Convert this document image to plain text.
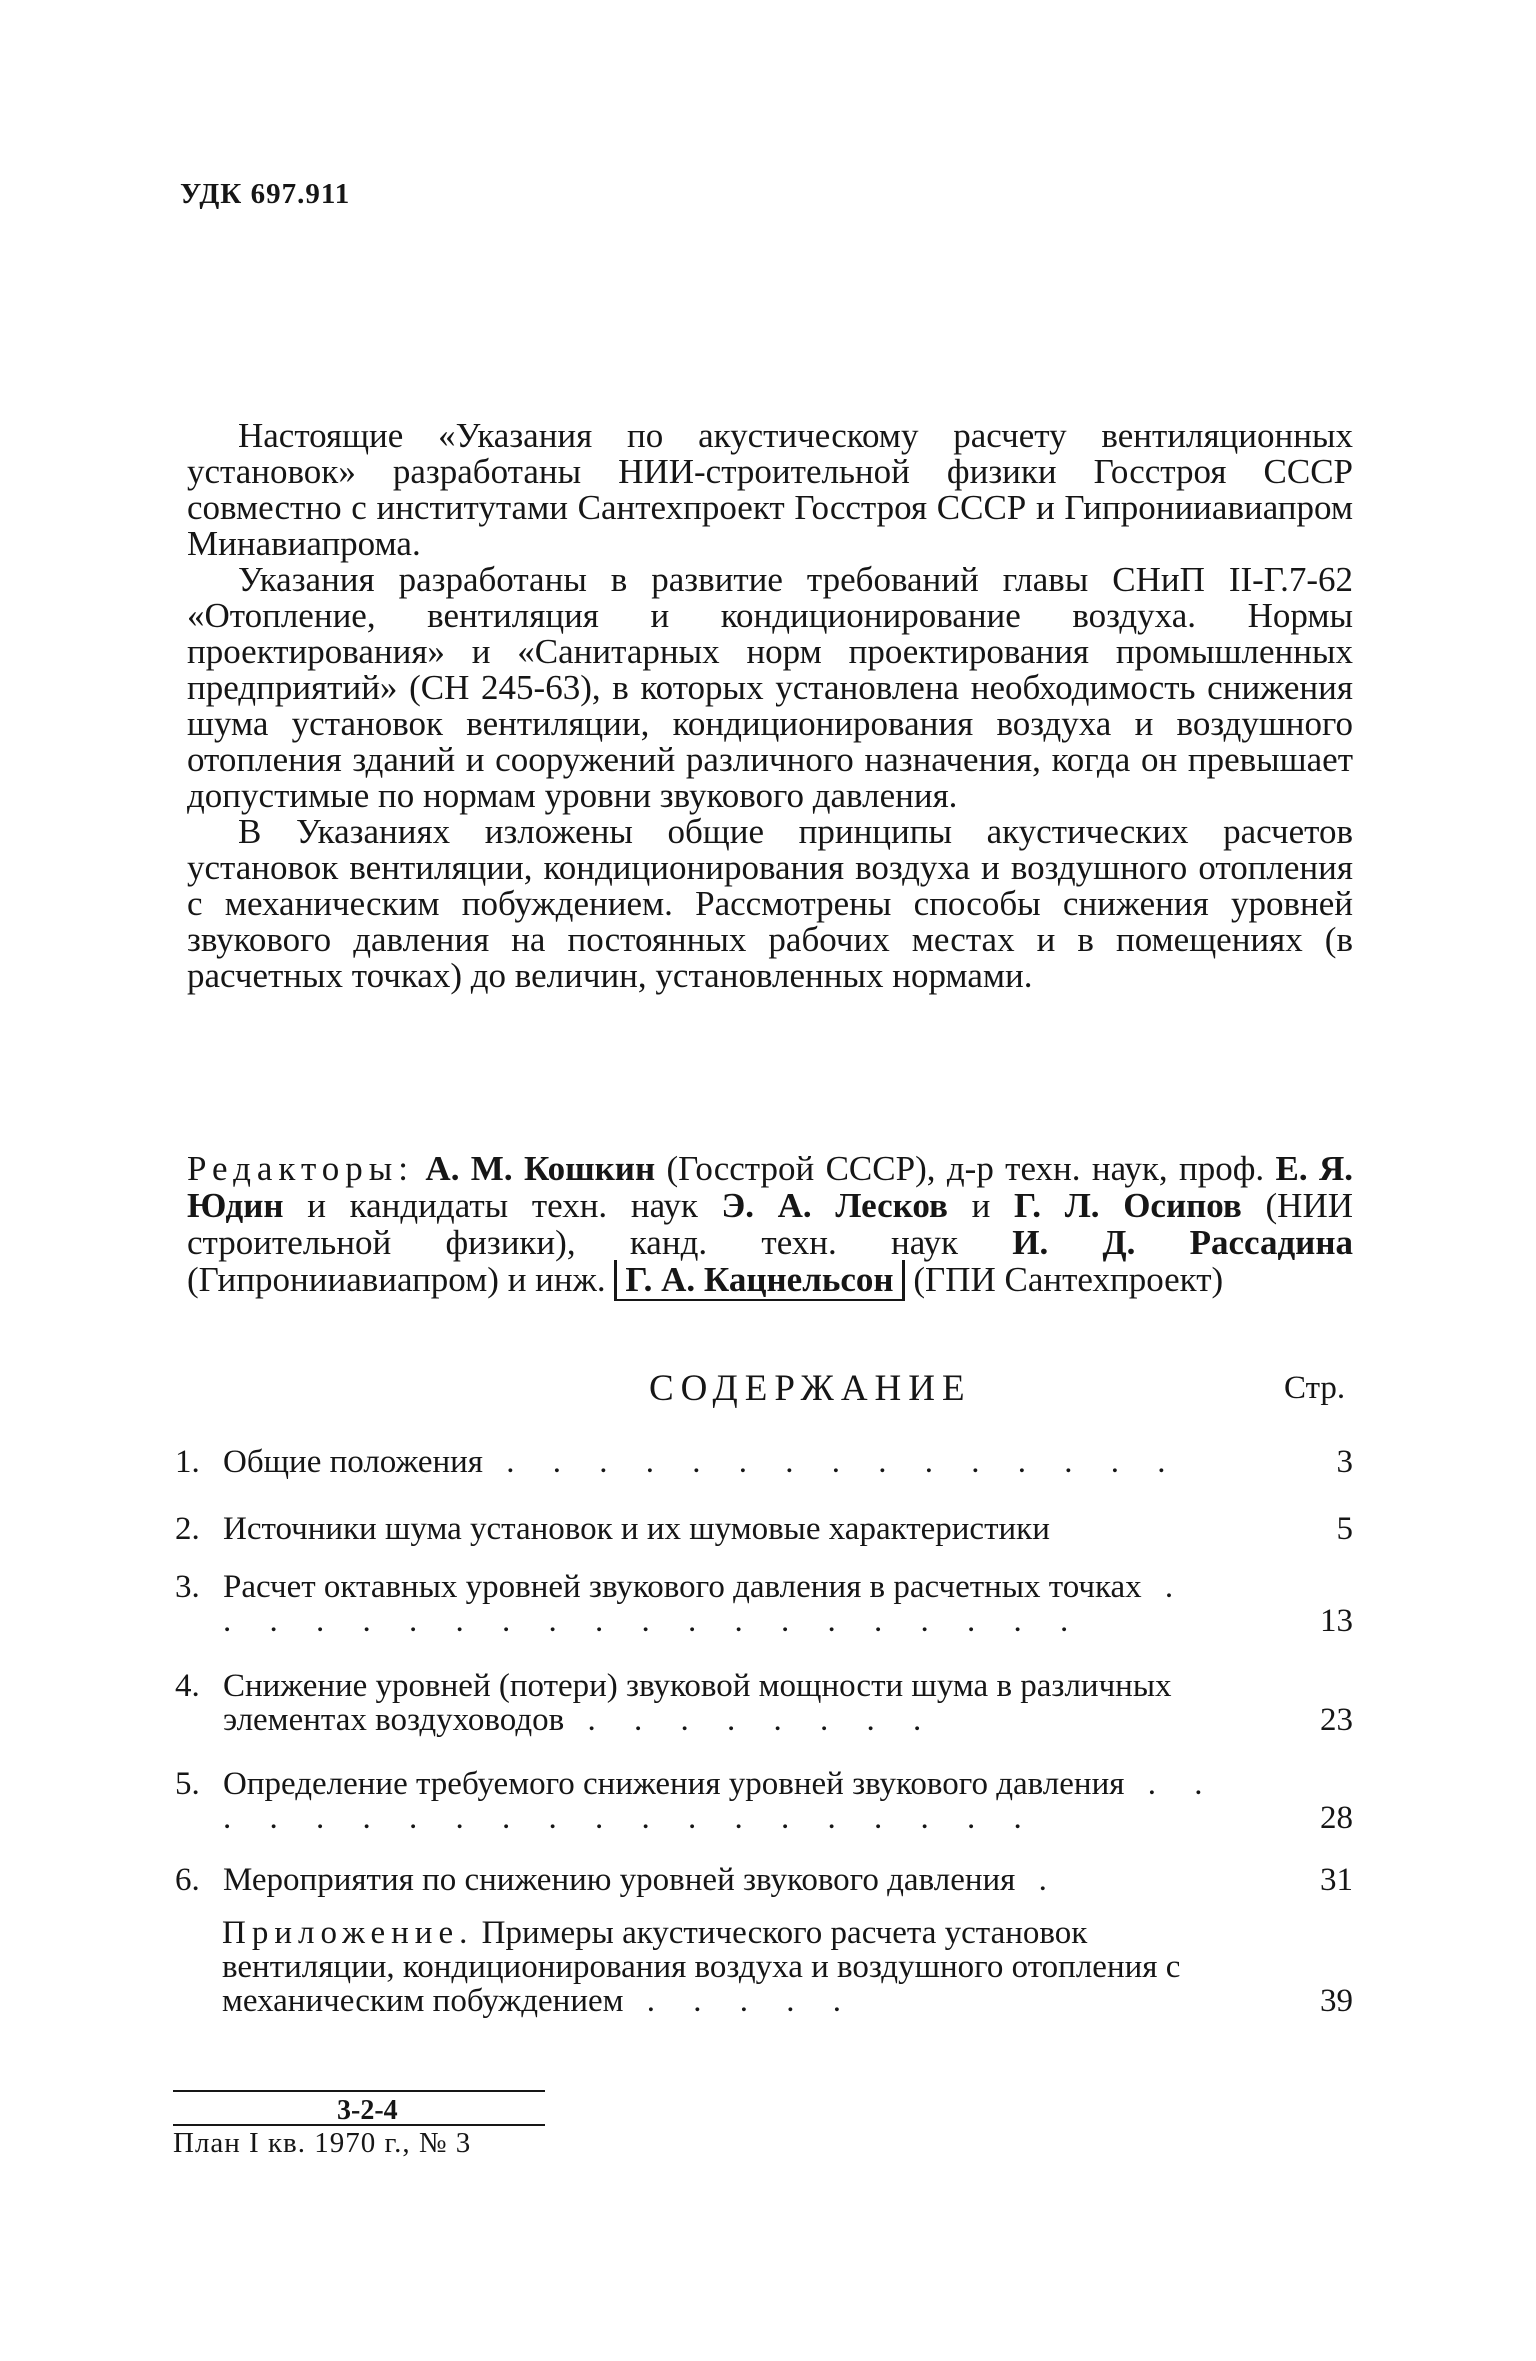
УДК 697.911

Настоящие «Указания по акустическому расчету вентиляционных установок» разработаны НИИ-строительной физики Госстроя СССР совместно с институтами Сантехпроект Госстроя СССР и Гипронииавиапром Минавиапрома.

Указания разработаны в развитие требований главы СНиП II-Г.7-62 «Отопление, вентиляция и кондиционирование воздуха. Нормы проектирования» и «Санитарных норм проектирования промышленных предприятий» (СН 245-63), в которых установлена необходимость снижения шума установок вентиляции, кондиционирования воздуха и воздушного отопления зданий и сооружений различного назначения, когда он превышает допустимые по нормам уровни звукового давления.

В Указаниях изложены общие принципы акустических расчетов установок вентиляции, кондиционирования воздуха и воздушного отопления с механическим побуждением. Рассмотрены способы снижения уровней звукового давления на постоянных рабочих местах и в помещениях (в расчетных точках) до величин, установленных нормами.

Редакторы: А. М. Кошкин (Госстрой СССР), д-р техн. наук, проф. Е. Я. Юдин и кандидаты техн. наук Э. А. Лесков и Г. Л. Осипов (НИИ строительной физики), канд. техн. наук И. Д. Рассадина (Гипронииавиапром) и инж. Г. А. Кацнельсон (ГПИ Сантехпроект)
СОДЕРЖАНИЕ	Стр.
1. Общие положения . . . . . . . . . . . . . . .	3
2. Источники шума установок и их шумовые характеристики	5
3. Расчет октавных уровней звукового давления в расчетных точках . . . . . . . . . . . . . . . . . . . .	13
4. Снижение уровней (потери) звуковой мощности шума в различных элементах воздуховодов . . . . . . . .	23
5. Определение требуемого снижения уровней звукового давления . . . . . . . . . . . . . . . . . . . .	28
6. Мероприятия по снижению уровней звукового давления .	31
Приложение. Примеры акустического расчета установок вентиляции, кондиционирования воздуха и воздушного отопления с механическим побуждением . . . . .	39
3-2-4
План I кв. 1970 г., № 3
